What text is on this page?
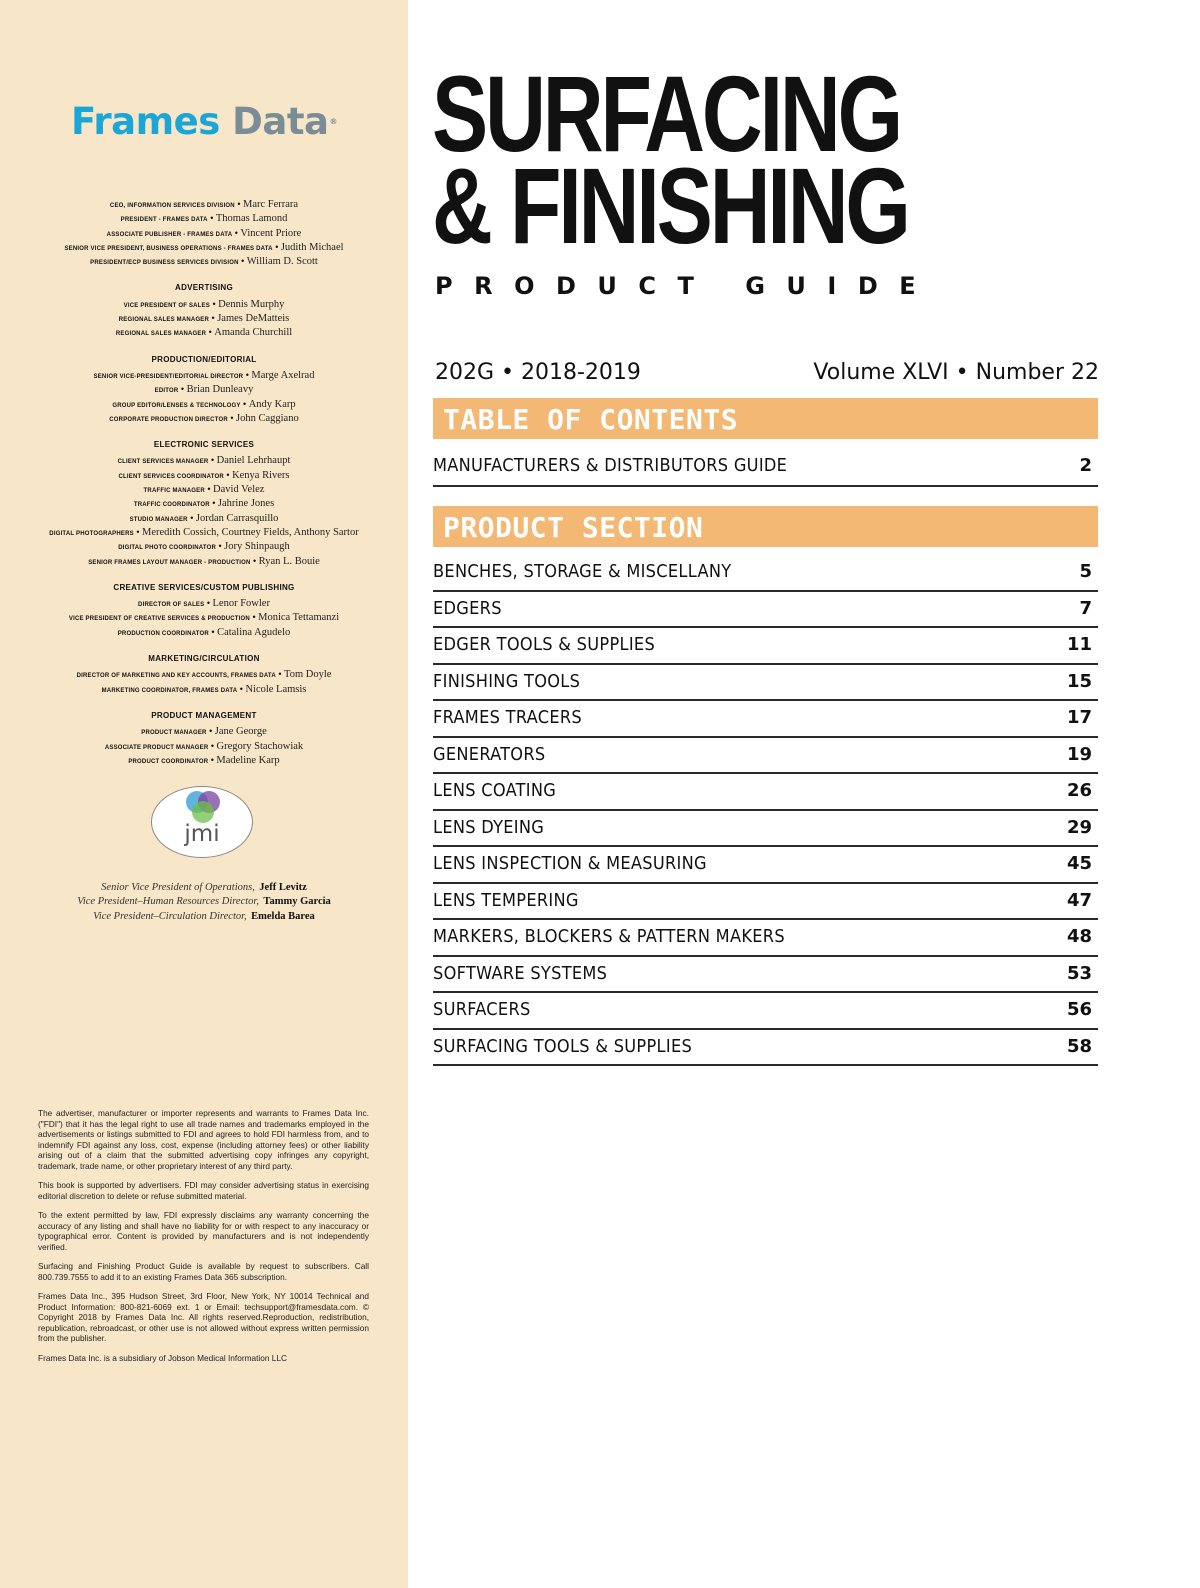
Frames Data®
CEO, INFORMATION SERVICES DIVISION • Marc Ferrara
PRESIDENT - FRAMES DATA • Thomas Lamond
ASSOCIATE PUBLISHER - FRAMES DATA • Vincent Priore
SENIOR VICE PRESIDENT, BUSINESS OPERATIONS - FRAMES DATA • Judith Michael
PRESIDENT/ECP BUSINESS SERVICES DIVISION • William D. Scott
ADVERTISING
VICE PRESIDENT OF SALES • Dennis Murphy
REGIONAL SALES MANAGER • James DeMatteis
REGIONAL SALES MANAGER • Amanda Churchill
PRODUCTION/EDITORIAL
SENIOR VICE-PRESIDENT/EDITORIAL DIRECTOR • Marge Axelrad
EDITOR • Brian Dunleavy
GROUP EDITOR/LENSES & TECHNOLOGY • Andy Karp
CORPORATE PRODUCTION DIRECTOR • John Caggiano
ELECTRONIC SERVICES
CLIENT SERVICES MANAGER • Daniel Lehrhaupt
CLIENT SERVICES COORDINATOR • Kenya Rivers
TRAFFIC MANAGER • David Velez
TRAFFIC COORDINATOR • Jahrine Jones
STUDIO MANAGER • Jordan Carrasquillo
DIGITAL PHOTOGRAPHERS • Meredith Cossich, Courtney Fields, Anthony Sartor
DIGITAL PHOTO COORDINATOR • Jory Shinpaugh
SENIOR FRAMES LAYOUT MANAGER - PRODUCTION • Ryan L. Bouie
CREATIVE SERVICES/CUSTOM PUBLISHING
DIRECTOR OF SALES • Lenor Fowler
VICE PRESIDENT OF CREATIVE SERVICES & PRODUCTION • Monica Tettamanzi
PRODUCTION COORDINATOR • Catalina Agudelo
MARKETING/CIRCULATION
DIRECTOR OF MARKETING AND KEY ACCOUNTS, FRAMES DATA • Tom Doyle
MARKETING COORDINATOR, FRAMES DATA • Nicole Lamsis
PRODUCT MANAGEMENT
PRODUCT MANAGER • Jane George
ASSOCIATE PRODUCT MANAGER • Gregory Stachowiak
PRODUCT COORDINATOR • Madeline Karp
jmi
Senior Vice President of Operations, Jeff Levitz
Vice President–Human Resources Director, Tammy Garcia
Vice President–Circulation Director, Emelda Barea

The advertiser, manufacturer or importer represents and warrants to Frames Data Inc. ("FDI") that it has the legal right to use all trade names and trademarks employed in the advertisements or listings submitted to FDI and agrees to hold FDI harmless from, and to indemnify FDI against any loss, cost, expense (including attorney fees) or other liability arising out of a claim that the submitted advertising copy infringes any copyright, trademark, trade name, or other proprietary interest of any third party.

This book is supported by advertisers. FDI may consider advertising status in exercising editorial discretion to delete or refuse submitted material.

To the extent permitted by law, FDI expressly disclaims any warranty concerning the accuracy of any listing and shall have no liability for or with respect to any inaccuracy or typographical error. Content is provided by manufacturers and is not independently verified.

Surfacing and Finishing Product Guide is available by request to subscribers. Call 800.739.7555 to add it to an existing Frames Data 365 subscription.

Frames Data Inc., 395 Hudson Street, 3rd Floor, New York, NY 10014 Technical and Product Information: 800-821-6069 ext. 1 or Email: techsupport@framesdata.com. © Copyright 2018 by Frames Data Inc. All rights reserved.Reproduction, redistribution, republication, rebroadcast, or other use is not allowed without express written permission from the publisher.

Frames Data Inc. is a subsidiary of Jobson Medical Information LLC

SURFACING
& FINISHING
PRODUCT GUIDE
202G • 2018-2019	Volume XLVI • Number 22
TABLE OF CONTENTS
MANUFACTURERS & DISTRIBUTORS GUIDE	2
PRODUCT SECTION
BENCHES, STORAGE & MISCELLANY	5
EDGERS	7
EDGER TOOLS & SUPPLIES	11
FINISHING TOOLS	15
FRAMES TRACERS	17
GENERATORS	19
LENS COATING	26
LENS DYEING	29
LENS INSPECTION & MEASURING	45
LENS TEMPERING	47
MARKERS, BLOCKERS & PATTERN MAKERS	48
SOFTWARE SYSTEMS	53
SURFACERS	56
SURFACING TOOLS & SUPPLIES	58
